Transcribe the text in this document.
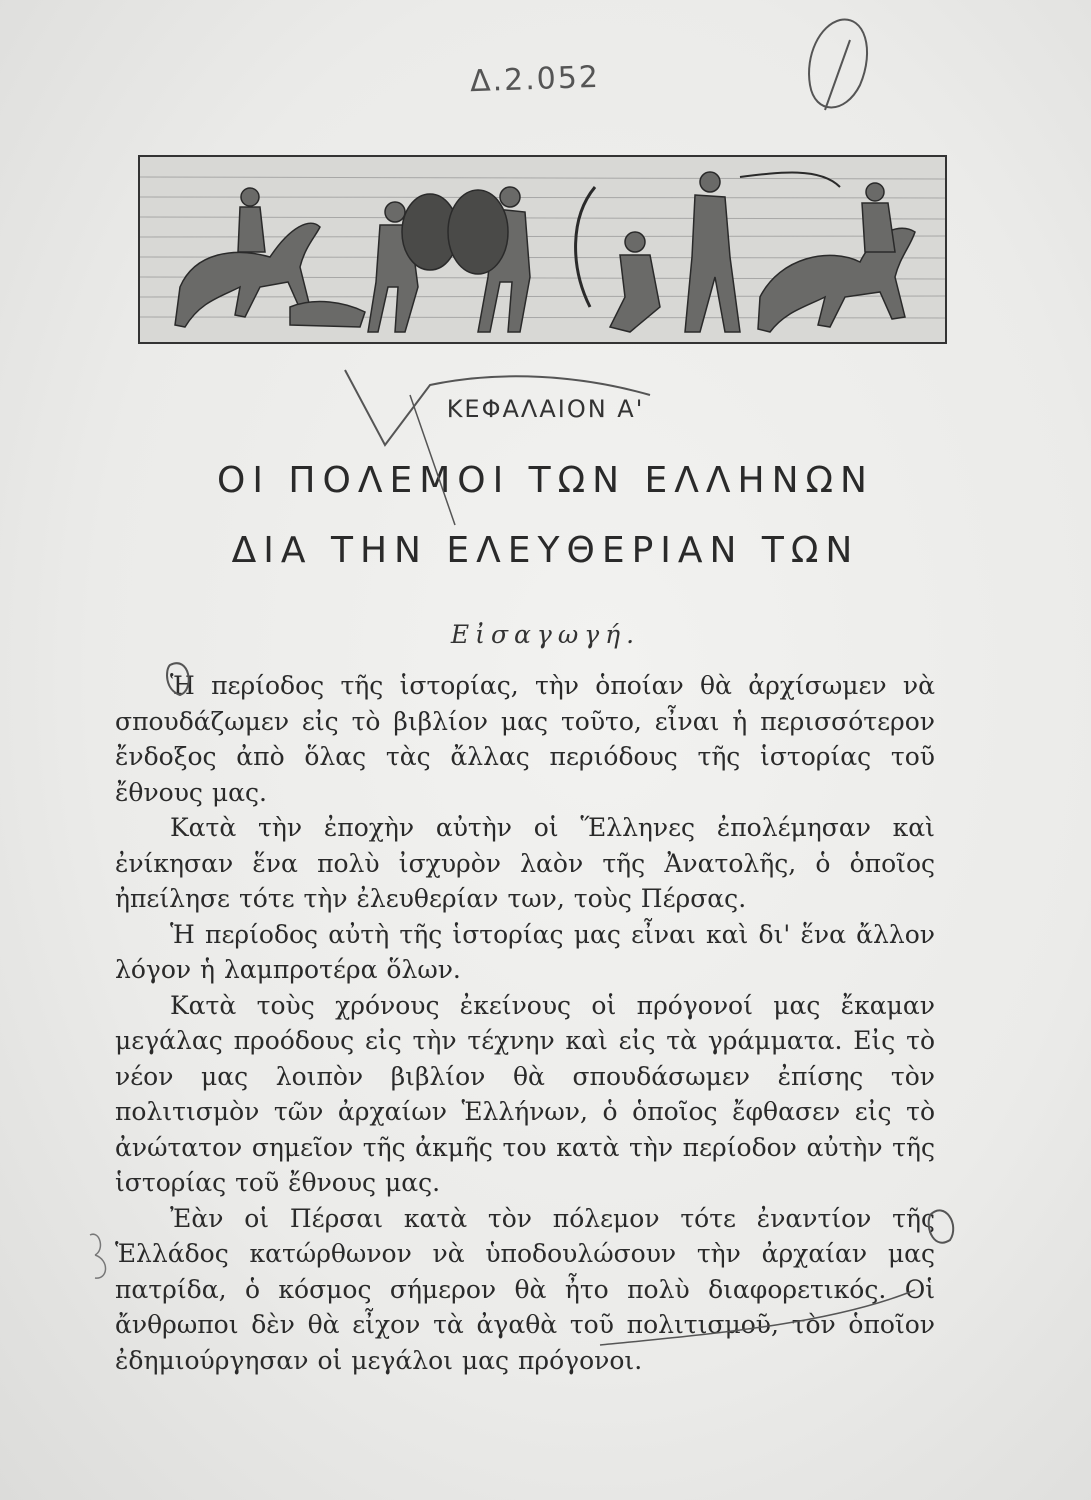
Δ.2.052
ΚΕΦΑΛΑΙΟΝ Α'
ΟΙ ΠΟΛΕΜΟΙ ΤΩΝ ΕΛΛΗΝΩΝ
ΔΙΑ ΤΗΝ ΕΛΕΥΘΕΡΙΑΝ ΤΩΝ
Εἰσαγωγή.

Ἡ περίοδος τῆς ἱστορίας, τὴν ὁποίαν θὰ ἀρχίσωμεν νὰ σπουδάζωμεν εἰς τὸ βιβλίον μας τοῦτο, εἶναι ἡ περισσότερον ἔνδοξος ἀπὸ ὅλας τὰς ἄλλας περιόδους τῆς ἱστορίας τοῦ ἔθνους μας.

Κατὰ τὴν ἐποχὴν αὐτὴν οἱ Ἕλληνες ἐπολέμησαν καὶ ἐνίκησαν ἕνα πολὺ ἰσχυρὸν λαὸν τῆς Ἀνατολῆς, ὁ ὁποῖος ἠπείλησε τότε τὴν ἐλευθερίαν των, τοὺς Πέρσας.

Ἡ περίοδος αὐτὴ τῆς ἱστορίας μας εἶναι καὶ δι' ἕνα ἄλλον λόγον ἡ λαμπροτέρα ὅλων.

Κατὰ τοὺς χρόνους ἐκείνους οἱ πρόγονοί μας ἔκαμαν μεγάλας προόδους εἰς τὴν τέχνην καὶ εἰς τὰ γράμματα. Εἰς τὸ νέον μας λοιπὸν βιβλίον θὰ σπουδάσωμεν ἐπίσης τὸν πολιτισμὸν τῶν ἀρχαίων Ἑλλήνων, ὁ ὁποῖος ἔφθασεν εἰς τὸ ἀνώτατον σημεῖον τῆς ἀκμῆς του κατὰ τὴν περίοδον αὐτὴν τῆς ἱστορίας τοῦ ἔθνους μας.

Ἐὰν οἱ Πέρσαι κατὰ τὸν πόλεμον τότε ἐναντίον τῆς Ἑλλάδος κατώρθωνον νὰ ὑποδουλώσουν τὴν ἀρχαίαν μας πατρίδα, ὁ κόσμος σήμερον θὰ ἦτο πολὺ διαφορετικός. Οἱ ἄνθρωποι δὲν θὰ εἶχον τὰ ἀγαθὰ τοῦ πολιτισμοῦ, τὸν ὁποῖον ἐδημιούργησαν οἱ μεγάλοι μας πρόγονοι.
